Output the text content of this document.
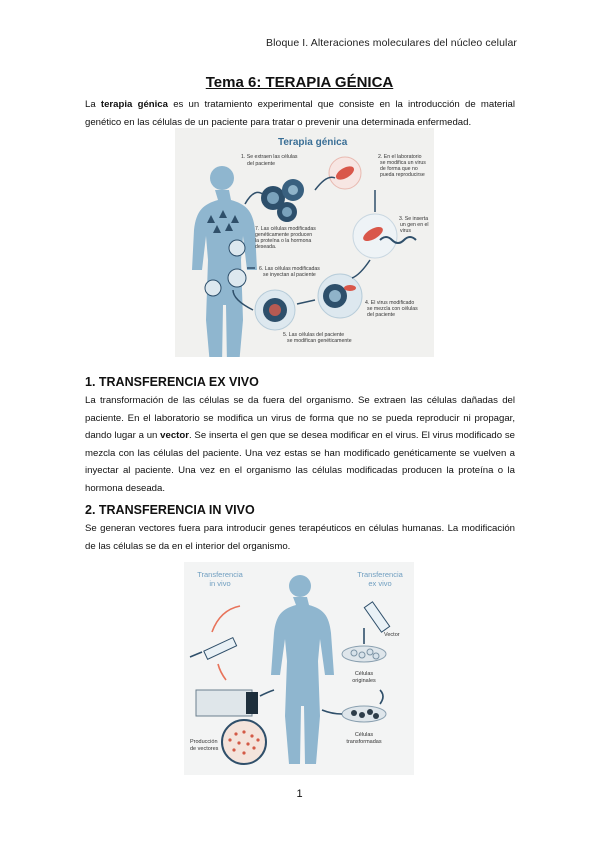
Bloque I. Alteraciones moleculares del núcleo celular
Tema 6: TERAPIA GÉNICA
La terapia génica es un tratamiento experimental que consiste en la introducción de material genético en las células de un paciente para tratar o prevenir una determinada enfermedad.
Terapia génica
1. Se extraen las células
del paciente
2. En el laboratorio
se modifica un virus
de forma que no
pueda reproducirse
3. Se inserta
un gen en el
virus
4. El virus modificado
se mezcla con células
del paciente
5. Las células del paciente
se modifican genéticamente
6. Las células modificadas
se inyectan al paciente
7. Las células modificadas
genéticamente producen
la proteína o la hormona
deseada.
1. TRANSFERENCIA EX VIVO
La transformación de las células se da fuera del organismo. Se extraen las células dañadas del paciente. En el laboratorio se modifica un virus de forma que no se pueda reproducir ni propagar, dando lugar a un vector. Se inserta el gen que se desea modificar en el virus. El virus modificado se mezcla con las células del paciente. Una vez estas se han modificado genéticamente se vuelven a inyectar al paciente. Una vez en el organismo las células modificadas producen la proteína o la hormona deseada.
2. TRANSFERENCIA IN VIVO
Se generan vectores fuera para introducir genes terapéuticos en células humanas. La modificación de las células se da en el interior del organismo.
Transferencia
in vivo
Transferencia
ex vivo
Vector
Células
originales
Células
transformadas
Producción
de vectores
1
